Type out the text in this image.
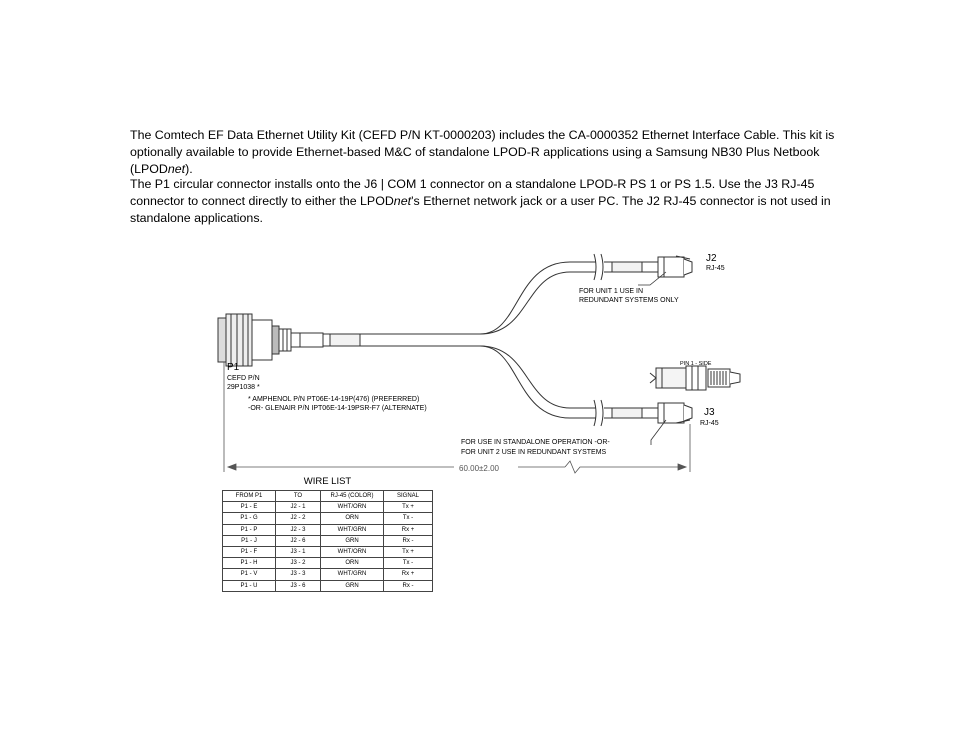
The Comtech EF Data Ethernet Utility Kit (CEFD P/N KT-0000203) includes the CA-0000352 Ethernet Interface Cable. This kit is optionally available to provide Ethernet-based M&C of standalone LPOD-R applications using a Samsung NB30 Plus Netbook (LPODnet).

The P1 circular connector installs onto the J6 | COM 1 connector on a standalone LPOD-R PS 1 or PS 1.5. Use the J3 RJ-45 connector to connect directly to either the LPODnet’s Ethernet network jack or a user PC. The J2 RJ-45 connector is not used in standalone applications.

J2
RJ-45
FOR UNIT 1 USE IN
REDUNDANT SYSTEMS ONLY
PIN 1 - SIDE
J3
RJ-45
FOR USE IN STANDALONE OPERATION -OR-
FOR UNIT 2 USE IN REDUNDANT SYSTEMS
P1
CEFD P/N
29P1038 *
* AMPHENOL P/N PT06E-14-19P(476) (PREFERRED)
-OR- GLENAIR P/N IPT06E-14-19PSR-F7 (ALTERNATE)
60.00±2.00
WIRE LIST
FROM P1	TO	RJ-45 (COLOR)	SIGNAL
P1 - E	J2 - 1	WHT/ORN	Tx +
P1 - G	J2 - 2	ORN	Tx -
P1 - P	J2 - 3	WHT/GRN	Rx +
P1 - J	J2 - 6	GRN	Rx -
P1 - F	J3 - 1	WHT/ORN	Tx +
P1 - H	J3 - 2	ORN	Tx -
P1 - V	J3 - 3	WHT/GRN	Rx +
P1 - U	J3 - 6	GRN	Rx -
